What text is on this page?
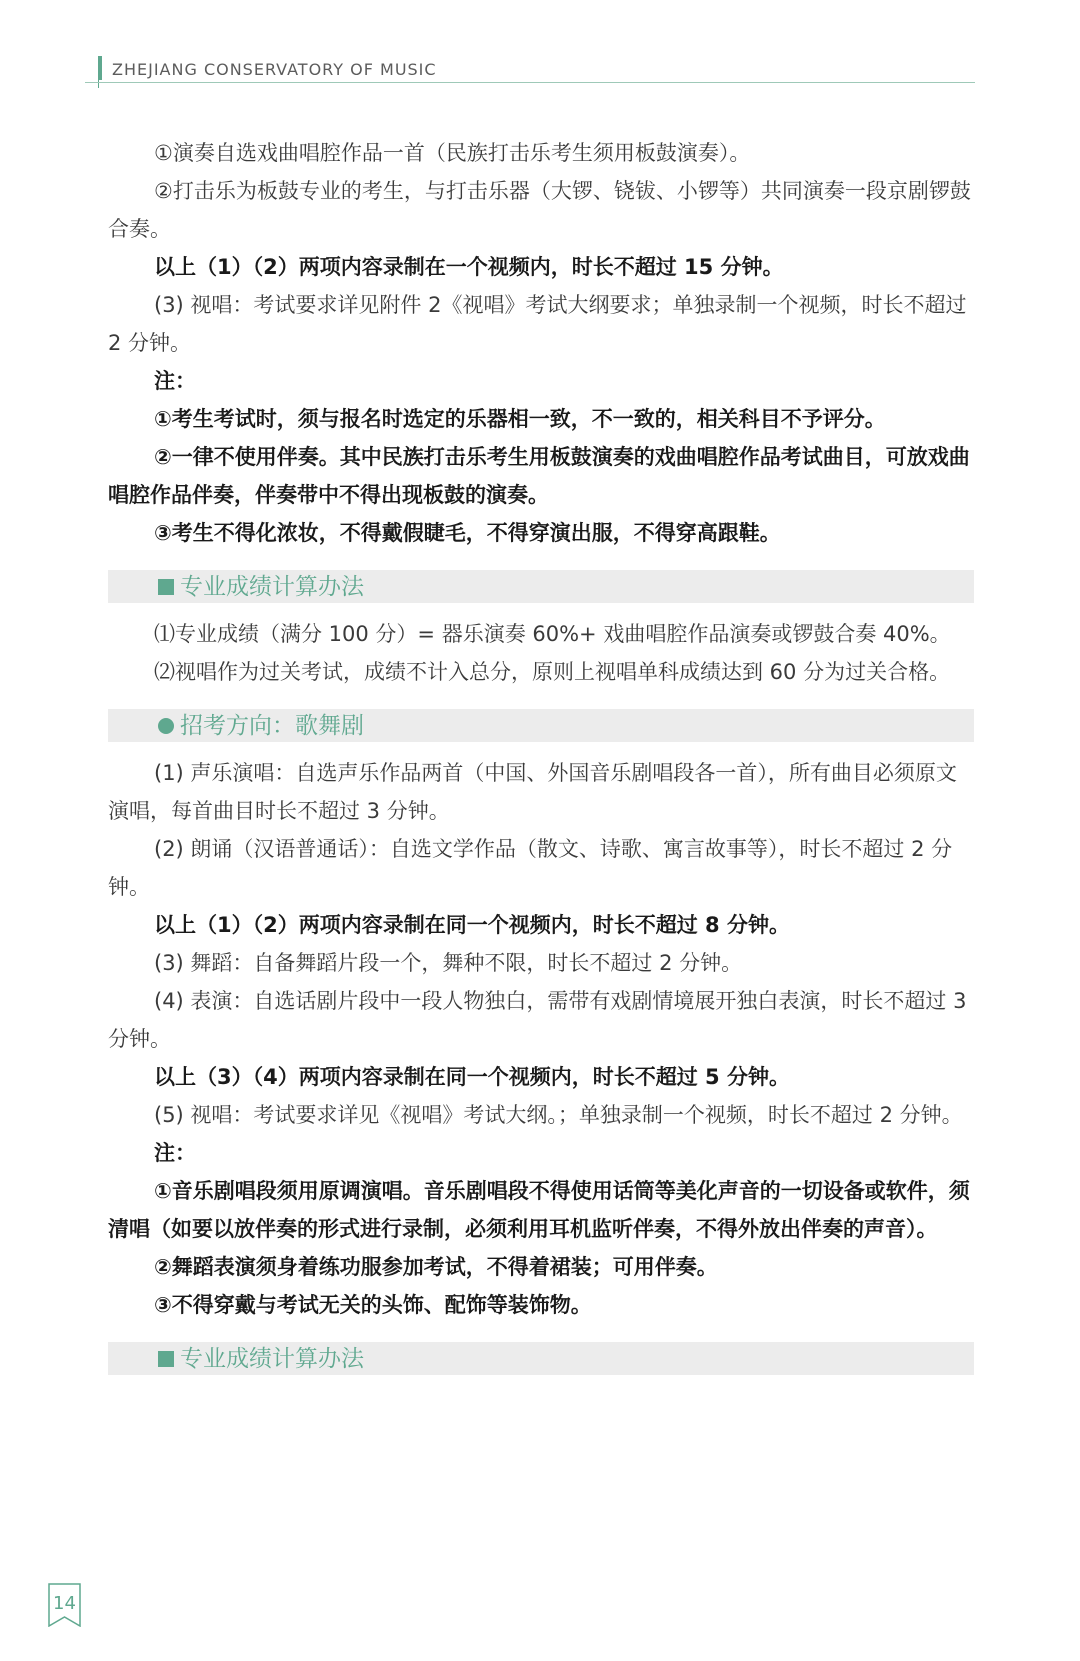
ZHEJIANG CONSERVATORY OF MUSIC

①演奏自选戏曲唱腔作品一首（民族打击乐考生须用板鼓演奏）。

②打击乐为板鼓专业的考生，与打击乐器（大锣、铙钹、小锣等）共同演奏一段京剧锣鼓合奏。

以上（1）（2）两项内容录制在一个视频内，时长不超过 15 分钟。

(3) 视唱：考试要求详见附件 2《视唱》考试大纲要求；单独录制一个视频，时长不超过 2 分钟。

注：

①考生考试时，须与报名时选定的乐器相一致，不一致的，相关科目不予评分。

②一律不使用伴奏。其中民族打击乐考生用板鼓演奏的戏曲唱腔作品考试曲目，可放戏曲唱腔作品伴奏，伴奏带中不得出现板鼓的演奏。

③考生不得化浓妆，不得戴假睫毛，不得穿演出服，不得穿高跟鞋。

专业成绩计算办法

⑴专业成绩（满分 100 分）= 器乐演奏 60%+ 戏曲唱腔作品演奏或锣鼓合奏 40%。

⑵视唱作为过关考试，成绩不计入总分，原则上视唱单科成绩达到 60 分为过关合格。

招考方向：歌舞剧

(1) 声乐演唱：自选声乐作品两首（中国、外国音乐剧唱段各一首），所有曲目必须原文演唱，每首曲目时长不超过 3 分钟。

(2) 朗诵（汉语普通话）：自选文学作品（散文、诗歌、寓言故事等），时长不超过 2 分钟。

以上（1）（2）两项内容录制在同一个视频内，时长不超过 8 分钟。

(3) 舞蹈：自备舞蹈片段一个，舞种不限，时长不超过 2 分钟。

(4) 表演：自选话剧片段中一段人物独白，需带有戏剧情境展开独白表演，时长不超过 3 分钟。

以上（3）（4）两项内容录制在同一个视频内，时长不超过 5 分钟。

(5) 视唱：考试要求详见《视唱》考试大纲。；单独录制一个视频，时长不超过 2 分钟。

注：

①音乐剧唱段须用原调演唱。音乐剧唱段不得使用话筒等美化声音的一切设备或软件，须清唱（如要以放伴奏的形式进行录制，必须利用耳机监听伴奏，不得外放出伴奏的声音）。

②舞蹈表演须身着练功服参加考试，不得着裙装；可用伴奏。

③不得穿戴与考试无关的头饰、配饰等装饰物。

专业成绩计算办法
14
